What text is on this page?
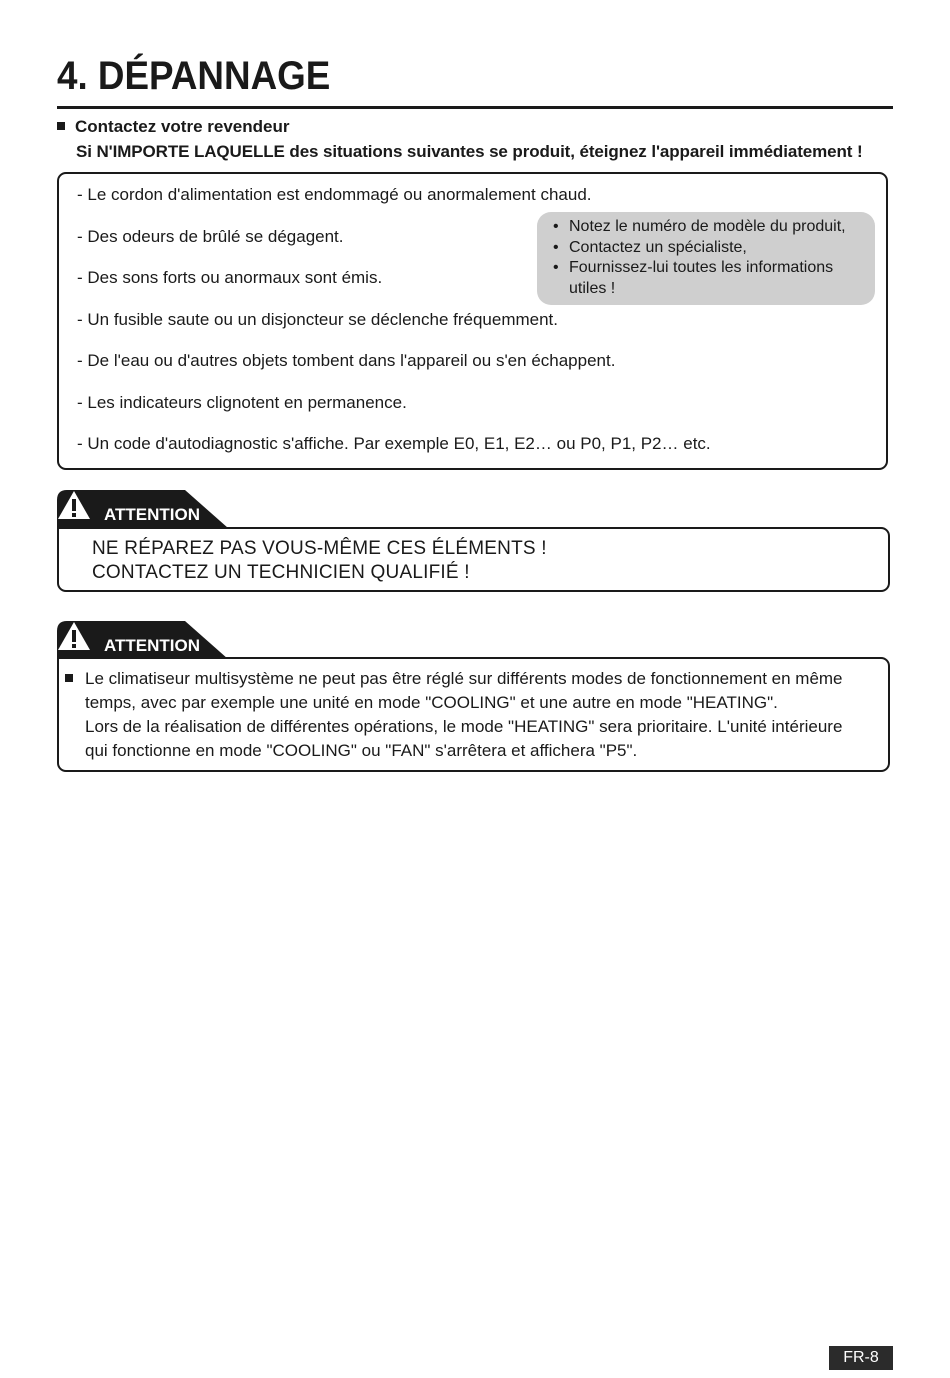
4. DÉPANNAGE
Contactez votre revendeur
Si N'IMPORTE LAQUELLE des situations suivantes se produit, éteignez l'appareil immédiatement !
- Le cordon d'alimentation est endommagé ou anormalement chaud.
- Des odeurs de brûlé se dégagent.
- Des sons forts ou anormaux sont émis.
- Un fusible saute ou un disjoncteur se déclenche fréquemment.
- De l'eau ou d'autres objets tombent dans l'appareil ou s'en échappent.
- Les indicateurs clignotent en permanence.
- Un code d'autodiagnostic s'affiche. Par exemple E0, E1, E2… ou P0, P1, P2… etc.
• Notez le numéro de modèle du produit,
• Contactez un spécialiste,
• Fournissez-lui toutes les informations
utiles !
ATTENTION
NE RÉPAREZ PAS VOUS-MÊME CES ÉLÉMENTS !
CONTACTEZ UN TECHNICIEN QUALIFIÉ !
ATTENTION
Le climatiseur multisystème ne peut pas être réglé sur différents modes de fonctionnement en même
temps, avec par exemple une unité en mode "COOLING" et une autre en mode "HEATING".
Lors de la réalisation de différentes opérations, le mode "HEATING" sera prioritaire. L'unité intérieure
qui fonctionne en mode "COOLING" ou "FAN" s'arrêtera et affichera "P5".
FR-8
